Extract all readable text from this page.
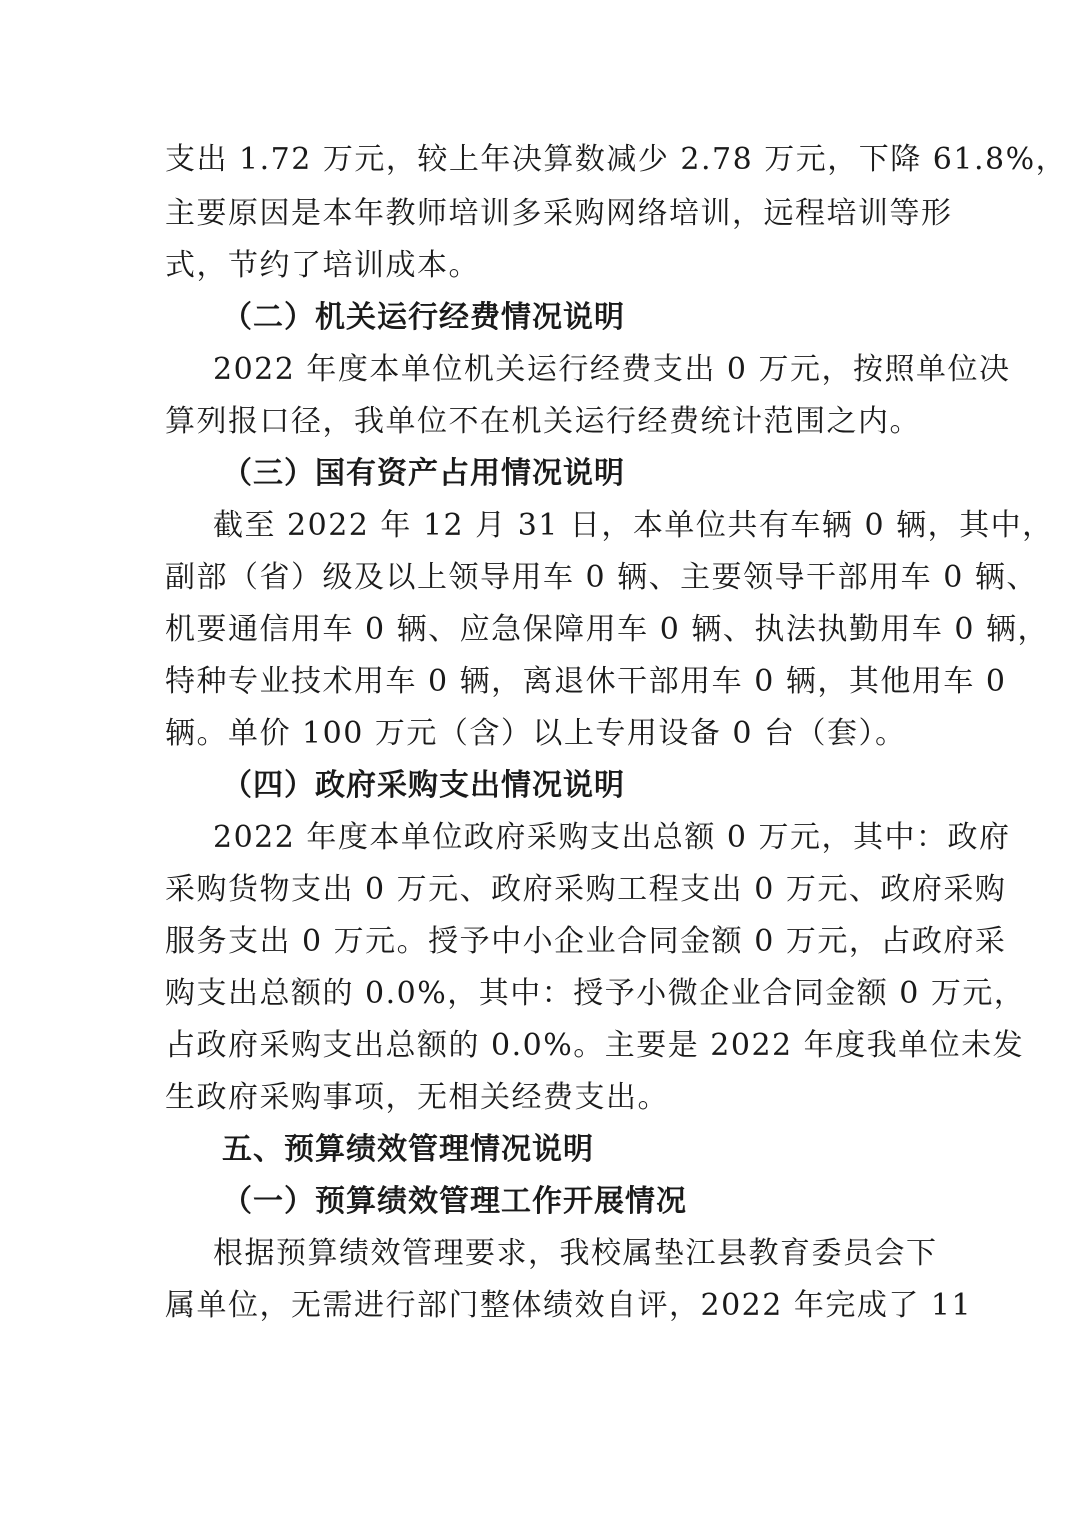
支出 1.72 万元，较上年决算数减少 2.78 万元，下降 61.8%，
主要原因是本年教师培训多采购网络培训，远程培训等形
式，节约了培训成本。
（二）机关运行经费情况说明
2022 年度本单位机关运行经费支出 0 万元，按照单位决
算列报口径，我单位不在机关运行经费统计范围之内。
（三）国有资产占用情况说明
截至 2022 年 12 月 31 日，本单位共有车辆 0 辆，其中，
副部（省）级及以上领导用车 0 辆、主要领导干部用车 0 辆、
机要通信用车 0 辆、应急保障用车 0 辆、执法执勤用车 0 辆，
特种专业技术用车 0 辆，离退休干部用车 0 辆，其他用车 0
辆。单价 100 万元（含）以上专用设备 0 台（套）。
（四）政府采购支出情况说明
2022 年度本单位政府采购支出总额 0 万元，其中：政府
采购货物支出 0 万元、政府采购工程支出 0 万元、政府采购
服务支出 0 万元。授予中小企业合同金额 0 万元，占政府采
购支出总额的 0.0%，其中：授予小微企业合同金额 0 万元，
占政府采购支出总额的 0.0%。主要是 2022 年度我单位未发
生政府采购事项，无相关经费支出。
五、预算绩效管理情况说明
（一）预算绩效管理工作开展情况
根据预算绩效管理要求，我校属垫江县教育委员会下
属单位，无需进行部门整体绩效自评，2022 年完成了 11
